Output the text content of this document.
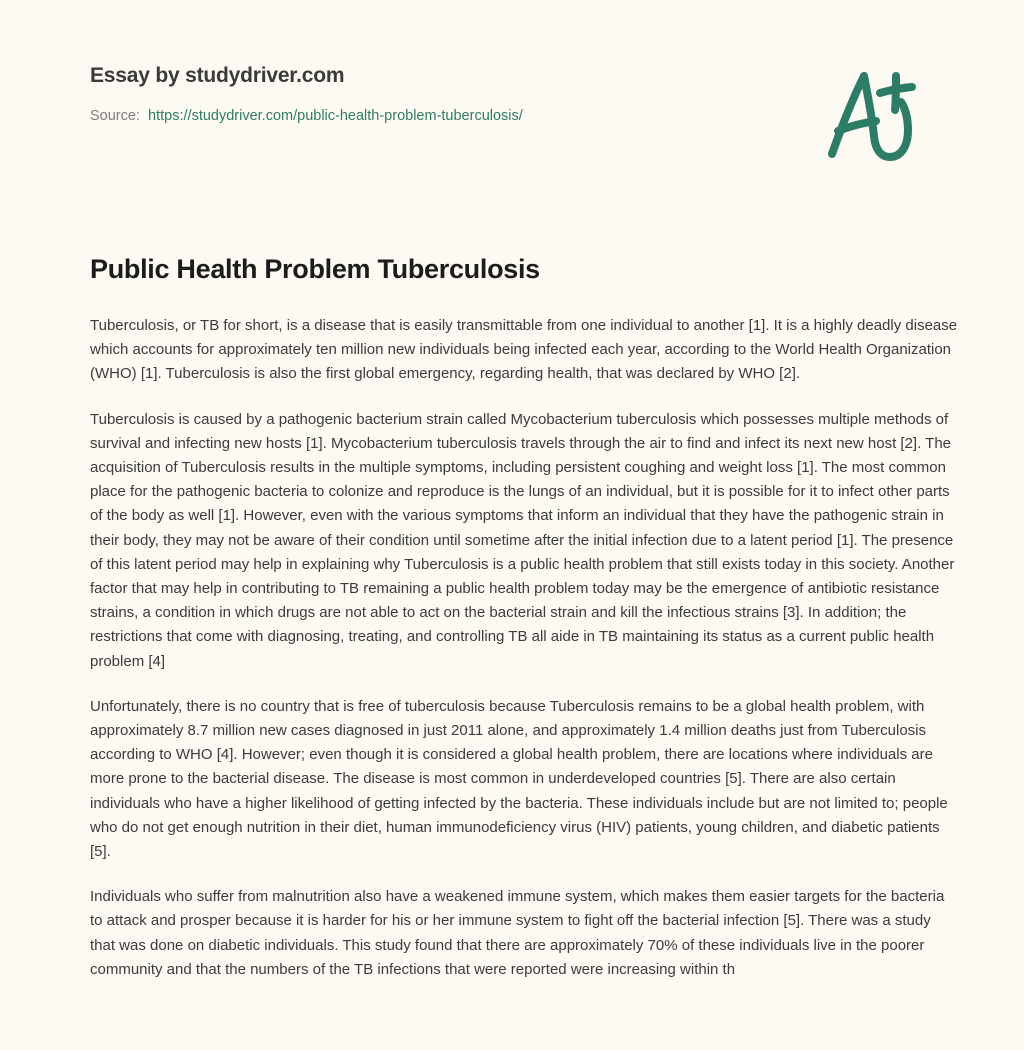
Essay by studydriver.com
Source: https://studydriver.com/public-health-problem-tuberculosis/
Public Health Problem Tuberculosis

Tuberculosis, or TB for short, is a disease that is easily transmittable from one individual to another [1]. It is a highly deadly disease which accounts for approximately ten million new individuals being infected each year, according to the World Health Organization (WHO) [1]. Tuberculosis is also the first global emergency, regarding health, that was declared by WHO [2].

Tuberculosis is caused by a pathogenic bacterium strain called Mycobacterium tuberculosis which possesses multiple methods of survival and infecting new hosts [1]. Mycobacterium tuberculosis travels through the air to find and infect its next new host [2]. The acquisition of Tuberculosis results in the multiple symptoms, including persistent coughing and weight loss [1]. The most common place for the pathogenic bacteria to colonize and reproduce is the lungs of an individual, but it is possible for it to infect other parts of the body as well [1]. However, even with the various symptoms that inform an individual that they have the pathogenic strain in their body, they may not be aware of their condition until sometime after the initial infection due to a latent period [1]. The presence of this latent period may help in explaining why Tuberculosis is a public health problem that still exists today in this society. Another factor that may help in contributing to TB remaining a public health problem today may be the emergence of antibiotic resistance strains, a condition in which drugs are not able to act on the bacterial strain and kill the infectious strains [3]. In addition; the restrictions that come with diagnosing, treating, and controlling TB all aide in TB maintaining its status as a current public health problem [4]

Unfortunately, there is no country that is free of tuberculosis because Tuberculosis remains to be a global health problem, with approximately 8.7 million new cases diagnosed in just 2011 alone, and approximately 1.4 million deaths just from Tuberculosis according to WHO [4]. However; even though it is considered a global health problem, there are locations where individuals are more prone to the bacterial disease. The disease is most common in underdeveloped countries [5]. There are also certain individuals who have a higher likelihood of getting infected by the bacteria. These individuals include but are not limited to; people who do not get enough nutrition in their diet, human immunodeficiency virus (HIV) patients, young children, and diabetic patients [5].

Individuals who suffer from malnutrition also have a weakened immune system, which makes them easier targets for the bacteria to attack and prosper because it is harder for his or her immune system to fight off the bacterial infection [5]. There was a study that was done on diabetic individuals. This study found that there are approximately 70% of these individuals live in the poorer community and that the numbers of the TB infections that were reported were increasing within th
